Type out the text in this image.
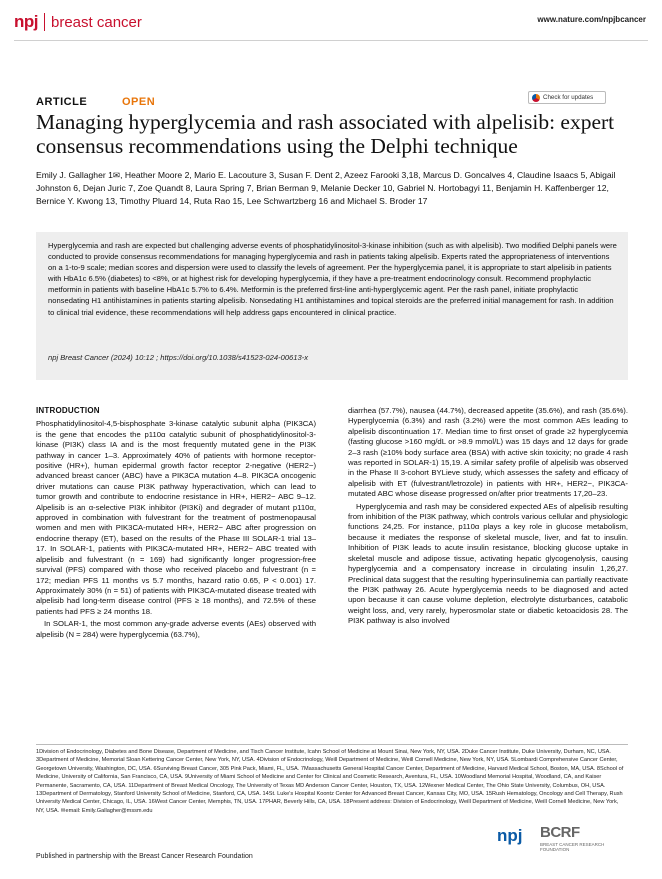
npj breast cancer	www.nature.com/npjbcancer
ARTICLE	OPEN	Check for updates
Managing hyperglycemia and rash associated with alpelisib: expert consensus recommendations using the Delphi technique
Emily J. Gallagher 1✉, Heather Moore 2, Mario E. Lacouture 3, Susan F. Dent 2, Azeez Farooki 3,18, Marcus D. Goncalves 4, Claudine Isaacs 5, Abigail Johnston 6, Dejan Juric 7, Zoe Quandt 8, Laura Spring 7, Brian Berman 9, Melanie Decker 10, Gabriel N. Hortobagyi 11, Benjamin H. Kaffenberger 12, Bernice Y. Kwong 13, Timothy Pluard 14, Ruta Rao 15, Lee Schwartzberg 16 and Michael S. Broder 17
Hyperglycemia and rash are expected but challenging adverse events of phosphatidylinositol-3-kinase inhibition (such as with alpelisib). Two modified Delphi panels were conducted to provide consensus recommendations for managing hyperglycemia and rash in patients taking alpelisib. Experts rated the appropriateness of interventions on a 1-to-9 scale; median scores and dispersion were used to classify the levels of agreement. Per the hyperglycemia panel, it is appropriate to start alpelisib in patients with HbA1c 6.5% (diabetes) to <8%, or at highest risk for developing hyperglycemia, if they have a pre-treatment endocrinology consult. Recommend prophylactic metformin in patients with baseline HbA1c 5.7% to 6.4%. Metformin is the preferred first-line anti-hyperglycemic agent. Per the rash panel, initiate prophylactic nonsedating H1 antihistamines in patients starting alpelisib. Nonsedating H1 antihistamines and topical steroids are the preferred initial management for rash. In addition to clinical trial evidence, these recommendations will help address gaps encountered in clinical practice.
npj Breast Cancer (2024) 10:12 ; https://doi.org/10.1038/s41523-024-00613-x
INTRODUCTION

Phosphatidylinositol-4,5-bisphosphate 3-kinase catalytic subunit alpha (PIK3CA) is the gene that encodes the p110α catalytic subunit of phosphatidylinositol-3-kinase (PI3K) class IA and is the most frequently mutated gene in the PI3K pathway in cancer 1–3. Approximately 40% of patients with hormone receptor-positive (HR+), human epidermal growth factor receptor 2-negative (HER2−) advanced breast cancer (ABC) have a PIK3CA mutation 4–8. PIK3CA oncogenic driver mutations can cause PI3K pathway hyperactivation, which can lead to tumor growth and contribute to endocrine resistance in HR+, HER2− ABC 9–12. Alpelisib is an α-selective PI3K inhibitor (PI3Ki) and degrader of mutant p110α, approved in combination with fulvestrant for the treatment of postmenopausal women and men with PIK3CA-mutated HR+, HER2− ABC after progression on endocrine therapy (ET), based on the results of the Phase III SOLAR-1 trial 13–17. In SOLAR-1, patients with PIK3CA-mutated HR+, HER2− ABC treated with alpelisib and fulvestrant (n = 169) had significantly longer progression-free survival (PFS) compared with those who received placebo and fulvestrant (n = 172; median PFS 11 months vs 5.7 months, hazard ratio 0.65, P < 0.001) 17. Approximately 30% (n = 51) of patients with PIK3CA-mutated disease treated with alpelisib had long-term disease control (PFS ≥ 18 months), and 72.5% of these patients had PFS ≥ 24 months 18.

In SOLAR-1, the most common any-grade adverse events (AEs) observed with alpelisib (N = 284) were hyperglycemia (63.7%),

diarrhea (57.7%), nausea (44.7%), decreased appetite (35.6%), and rash (35.6%). Hyperglycemia (6.3%) and rash (3.2%) were the most common AEs leading to alpelisib discontinuation 17. Median time to first onset of grade ≥2 hyperglycemia (fasting glucose >160 mg/dL or >8.9 mmol/L) was 15 days and 12 days for grade 2–3 rash (≥10% body surface area (BSA) with active skin toxicity; no grade 4 rash was reported in SOLAR-1) 15,19. A similar safety profile of alpelisib was observed in the Phase II 3-cohort BYLieve study, which assesses the safety and efficacy of alpelisib with ET (fulvestrant/letrozole) in patients with HR+, HER2−, PIK3CA-mutated ABC whose disease progressed on/after prior treatments 17,20–23.

Hyperglycemia and rash may be considered expected AEs of alpelisib resulting from inhibition of the PI3K pathway, which controls various cellular and physiologic functions 24,25. For instance, p110α plays a key role in glucose metabolism, because it mediates the response of skeletal muscle, liver, and fat to insulin. Inhibition of PI3K leads to acute insulin resistance, blocking glucose uptake in skeletal muscle and adipose tissue, activating hepatic glycogenolysis, causing hyperglycemia and a compensatory increase in circulating insulin 1,26,27. Preclinical data suggest that the resulting hyperinsulinemia can partially reactivate the PI3K pathway 26. Acute hyperglycemia needs to be diagnosed and acted upon because it can cause volume depletion, electrolyte disturbances, catabolic weight loss, and, very rarely, hyperosmolar state or diabetic ketoacidosis 28. The PI3K pathway is also involved

1Division of Endocrinology, Diabetes and Bone Disease, Department of Medicine, and Tisch Cancer Institute, Icahn School of Medicine at Mount Sinai, New York, NY, USA. 2Duke Cancer Institute, Duke University, Durham, NC, USA. 3Department of Medicine, Memorial Sloan Kettering Cancer Center, New York, NY, USA. 4Division of Endocrinology, Weill Department of Medicine, Weill Cornell Medicine, New York, NY, USA. 5Lombardi Comprehensive Cancer Center, Georgetown University, Washington, DC, USA. 6Surviving Breast Cancer, 305 Pink Pack, Miami, FL, USA. 7Massachusetts General Hospital Cancer Center, Department of Medicine, Harvard Medical School, Boston, MA, USA. 8School of Medicine, University of California, San Francisco, CA, USA. 9University of Miami School of Medicine and Center for Clinical and Cosmetic Research, Aventura, FL, USA. 10Woodland Memorial Hospital, Woodland, CA, and Kaiser Permanente, Sacramento, CA, USA. 11Department of Breast Medical Oncology, The University of Texas MD Anderson Cancer Center, Houston, TX, USA. 12Wexner Medical Center, The Ohio State University, Columbus, OH, USA. 13Department of Dermatology, Stanford University School of Medicine, Stanford, CA, USA. 14St. Luke's Hospital Koontz Center for Advanced Breast Cancer, Kansas City, MO, USA. 15Rush Hematology, Oncology and Cell Therapy, Rush University Medical Center, Chicago, IL, USA. 16West Cancer Center, Memphis, TN, USA. 17PHAR, Beverly Hills, CA, USA. 18Present address: Division of Endocrinology, Weill Department of Medicine, Weill Cornell Medicine, New York, NY, USA. ✉email: Emily.Gallagher@mssm.edu
Published in partnership with the Breast Cancer Research Foundation
npj BCRF
BREAST CANCER RESEARCH FOUNDATION
